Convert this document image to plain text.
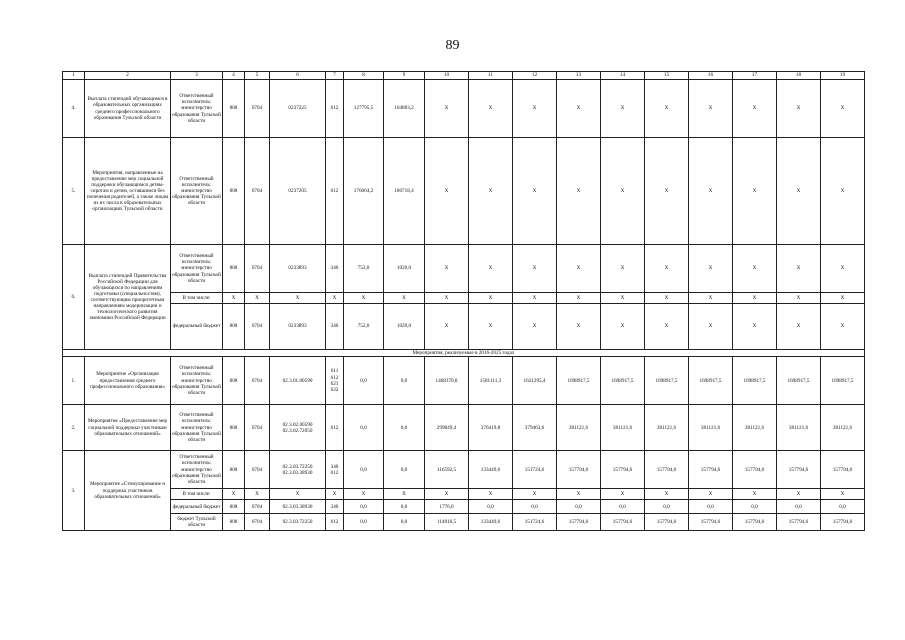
89
1	2	3	4	5	6	7	8	9	10	11	12	13	14	15	16	17	18	19
4.	Выплата стипендий обучающимся в образовательных организациях среднего профессионального образования Тульской области	Ответственный исполнитель: министерство образования Тульской области	808	0704	0237225	612	127795,5	104883,2	X	X	X	X	X	X	X	X	X	X
5.	Мероприятия, направленные на предоставление мер социальной поддержки обучающимся детям-сиротам и детям, оставшимся без попечения родителей, а также лицам из их числа в образовательных организациях Тульской области	Ответственный исполнитель: министерство образования Тульской области	808	0704	0237205	612	176064,2	180718,4	X	X	X	X	X	X	X	X	X	X
6.	Выплата стипендий Правительства Российской Федерации для обучающихся по направлениям подготовки (специальностям), соответствующим приоритетным направлениям модернизации и технологического развития экономики Российской Федерации	Ответственный исполнитель: министерство образования Тульской области	808	0704	0233893	340	752,0	1020,0	X	X	X	X	X	X	X	X	X	X
		В том числе:	X	X	X	X	X	X	X	X	X	X	X	X	X	X	X	X
		федеральный бюджет	808	0704	0233893	340	752,0	1020,0	X	X	X	X	X	X	X	X	X	X
Мероприятия, реализуемые в 2016-2025 годах																		
1.	Мероприятие «Организация предоставления среднего профессионального образования»	Ответственный исполнитель: министерство образования Тульской области	808	0704	02.3.01.00590	611 612 621 622	0,0	0,0	1468370,8	1581111,3	1631295,4	1698917,5	1698917,5	1698917,5	1698917,5	1698917,5	1698917,5	1698917,5
2.	Мероприятие «Предоставление мер социальной поддержки участникам образовательных отношений»	Ответственный исполнитель: министерство образования Тульской области	808	0704	02.3.02.00590 02.3.02.72050	612	0,0	0,0	299849,4	376419,8	379463,6	381121,6	381121,6	381121,6	381121,6	381121,6	381121,6	381121,6
3.	Мероприятие «Стимулирование и поддержка участников образовательных отношений»	Ответственный исполнитель: министерство образования Тульской области	808	0704	02.3.03.72250 02.3.03.38930	340 612	0,0	0,0	116592,5	133449,6	151724,6	157794,6	157794,6	157794,6	157794,6	157794,6	157794,6	157794,6
		В том числе:	X	X	X	X	X	X	X	X	X	X	X	X	X	X	X	X
		федеральный бюджет	808	0704	02.3.03.38930	340	0,0	0,0	1776,0	0,0	0,0	0,0	0,0	0,0	0,0	0,0	0,0	0,0
		бюджет Тульской области	808	0704	02.3.03.72250	612	0,0	0,0	114816,5	133449,6	151724,6	157794,6	157794,6	157794,6	157794,6	157794,6	157794,6	157794,6
